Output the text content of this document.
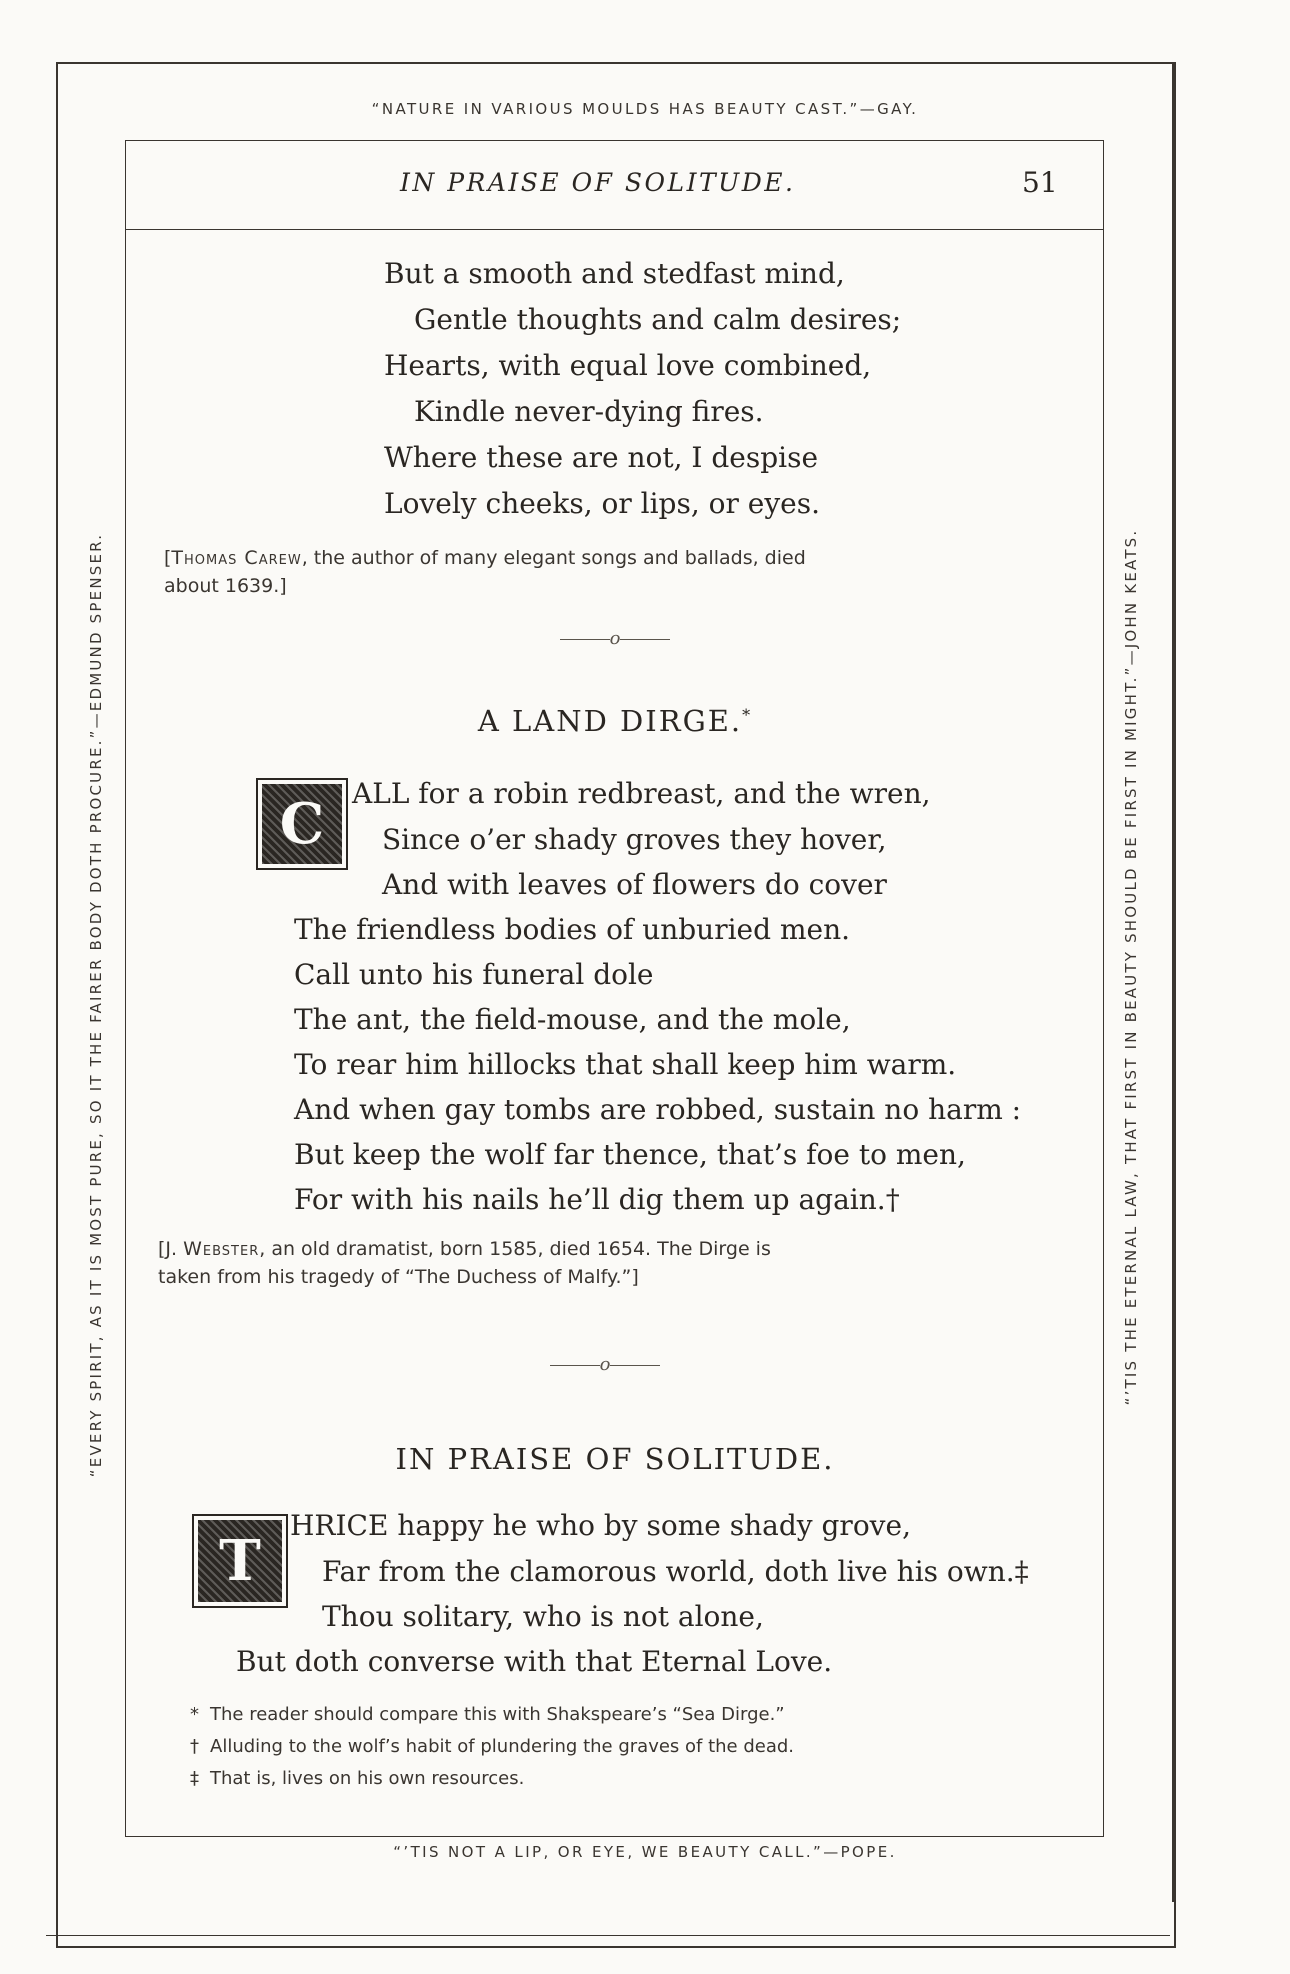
“NATURE IN VARIOUS MOULDS HAS BEAUTY CAST.”—GAY.
“’TIS NOT A LIP, OR EYE, WE BEAUTY CALL.”—POPE.
“EVERY SPIRIT, AS IT IS MOST PURE, SO IT THE FAIRER BODY DOTH PROCURE.”—EDMUND SPENSER.	“’TIS THE ETERNAL LAW, THAT FIRST IN BEAUTY SHOULD BE FIRST IN MIGHT.”—JOHN KEATS.
IN PRAISE OF SOLITUDE.	51
But a smooth and stedfast mind,
Gentle thoughts and calm desires;
Hearts, with equal love combined,
Kindle never-dying fires.
Where these are not, I despise
Lovely cheeks, or lips, or eyes.
[Thomas Carew, the author of many elegant songs and ballads, died
about 1639.]
o
A LAND DIRGE.*
C ALL for a robin redbreast, and the wren,
Since o’er shady groves they hover,
And with leaves of flowers do cover
The friendless bodies of unburied men.
Call unto his funeral dole
The ant, the field-mouse, and the mole,
To rear him hillocks that shall keep him warm.
And when gay tombs are robbed, sustain no harm :
But keep the wolf far thence, that’s foe to men,
For with his nails he’ll dig them up again.†
[J. Webster, an old dramatist, born 1585, died 1654. The Dirge is
taken from his tragedy of “The Duchess of Malfy.”]
o
IN PRAISE OF SOLITUDE.
T
HRICE happy he who by some shady grove,
Far from the clamorous world, doth live his own.‡
Thou solitary, who is not alone,
But doth converse with that Eternal Love.
* The reader should compare this with Shakspeare’s “Sea Dirge.”
† Alluding to the wolf’s habit of plundering the graves of the dead.
‡ That is, lives on his own resources.
